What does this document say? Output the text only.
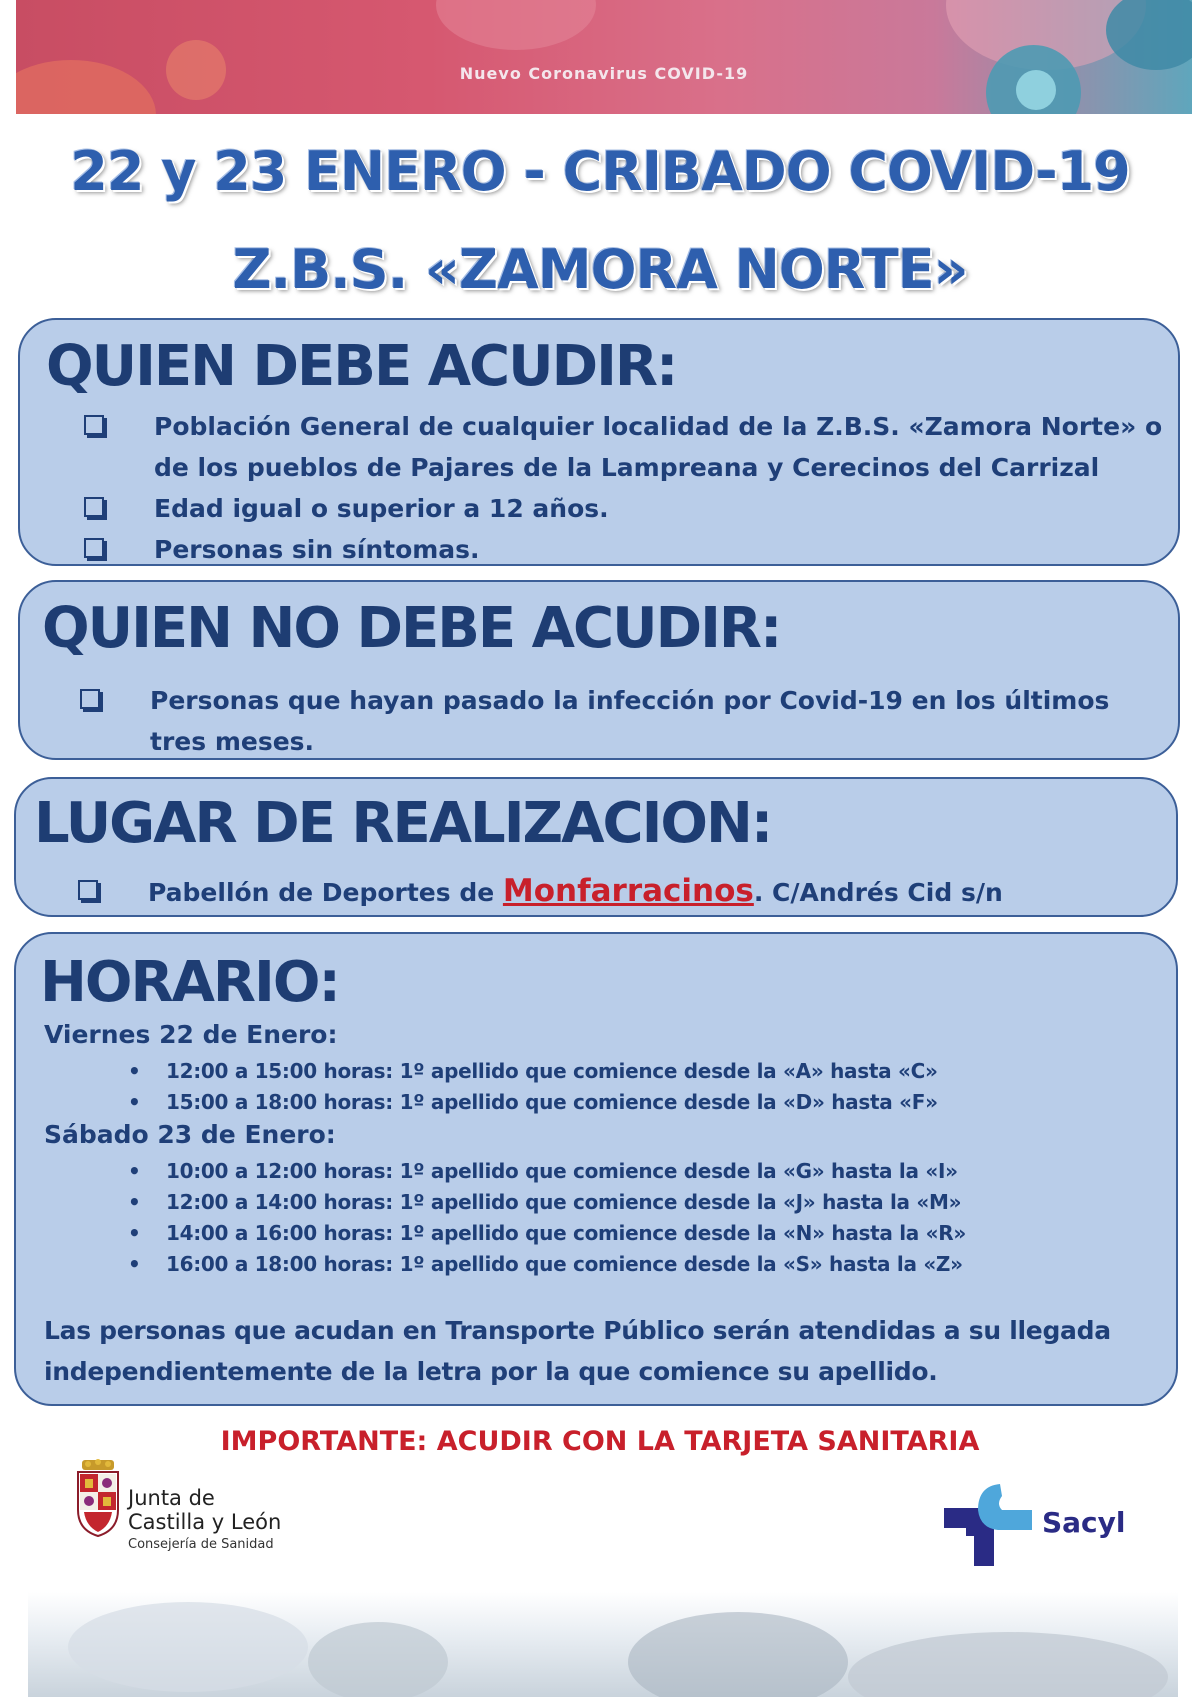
Nuevo Coronavirus COVID-19
22 y 23 ENERO - CRIBADO COVID-19
Z.B.S. «ZAMORA NORTE»
QUIEN DEBE ACUDIR:
Población General de cualquier localidad de la Z.B.S. «Zamora Norte» o de los pueblos de Pajares de la Lampreana y Cerecinos del Carrizal
Edad igual o superior a 12 años.
Personas sin síntomas.
QUIEN NO DEBE ACUDIR:
Personas que hayan pasado la infección por Covid-19 en los últimos tres meses.
LUGAR DE REALIZACION:
Pabellón de Deportes de Monfarracinos. C/Andrés Cid s/n
HORARIO:
Viernes 22 de Enero:
• 12:00 a 15:00 horas: 1º apellido que comience desde la «A» hasta «C»
• 15:00 a 18:00 horas: 1º apellido que comience desde la «D» hasta «F»
Sábado 23 de Enero:
• 10:00 a 12:00 horas: 1º apellido que comience desde la «G» hasta la «I»
• 12:00 a 14:00 horas: 1º apellido que comience desde la «J» hasta la «M»
• 14:00 a 16:00 horas: 1º apellido que comience desde la «N» hasta la «R»
• 16:00 a 18:00 horas: 1º apellido que comience desde la «S» hasta la «Z»
Las personas que acudan en Transporte Público serán atendidas a su llegada independientemente de la letra por la que comience su apellido.
IMPORTANTE: ACUDIR CON LA TARJETA SANITARIA
Junta de
Castilla y León
Consejería de Sanidad
Sacyl
